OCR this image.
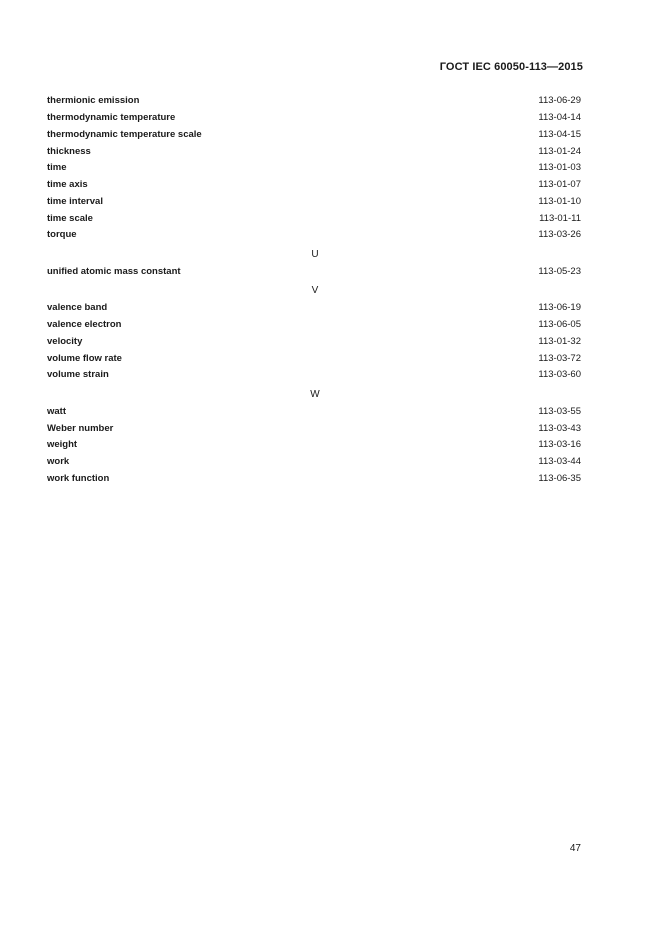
ГОСТ IEC 60050-113—2015
thermionic emission	113-06-29
thermodynamic temperature	113-04-14
thermodynamic temperature scale	113-04-15
thickness	113-01-24
time	113-01-03
time axis	113-01-07
time interval	113-01-10
time scale	113-01-11
torque	113-03-26
U
unified atomic mass constant	113-05-23
V
valence band	113-06-19
valence electron	113-06-05
velocity	113-01-32
volume flow rate	113-03-72
volume strain	113-03-60
W
watt	113-03-55
Weber number	113-03-43
weight	113-03-16
work	113-03-44
work function	113-06-35
47
